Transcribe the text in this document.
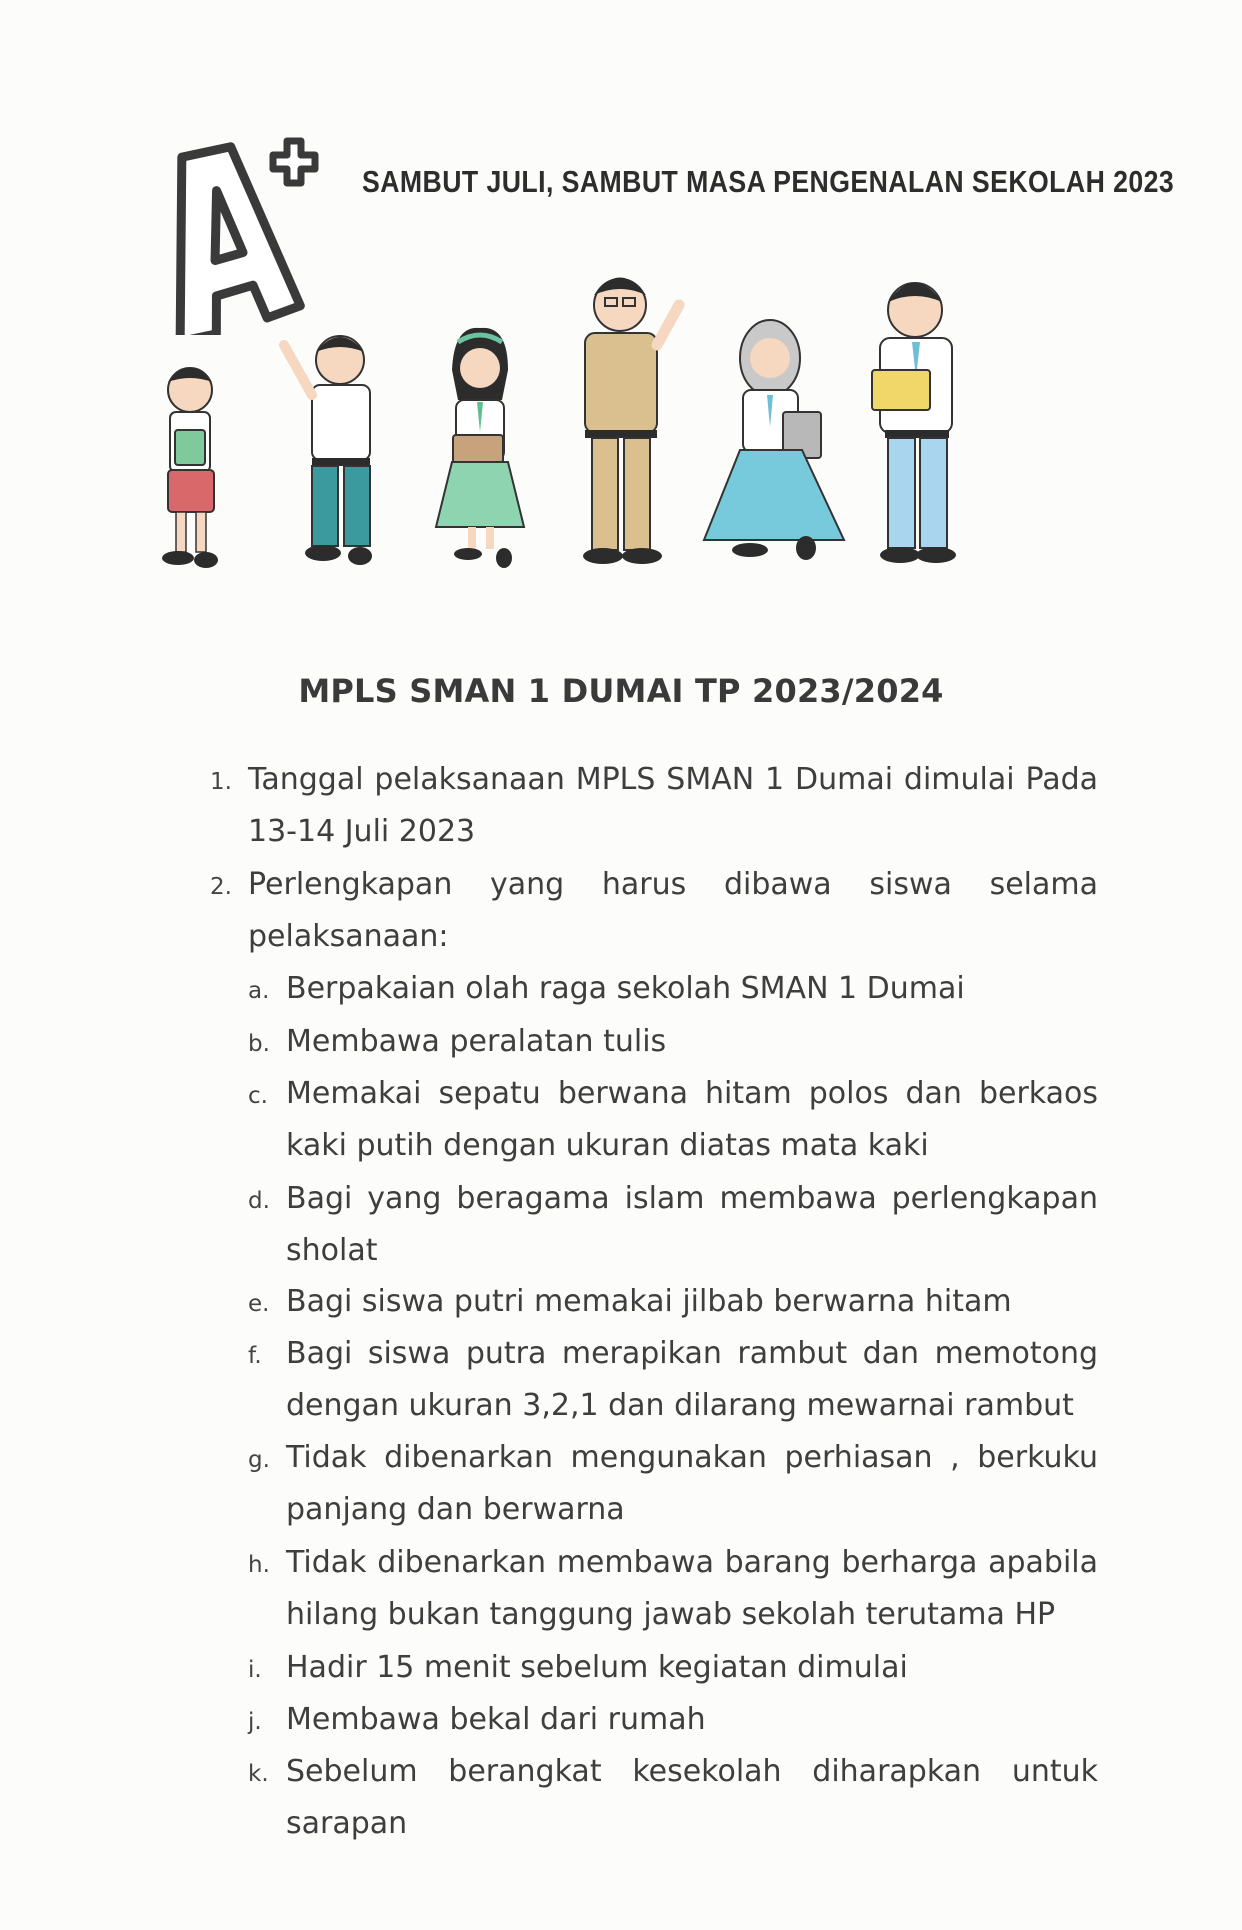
SAMBUT JULI, SAMBUT MASA PENGENALAN SEKOLAH 2023
MPLS SMAN 1 DUMAI TP 2023/2024
1. Tanggal pelaksanaan MPLS SMAN 1 Dumai dimulai Pada
13-14 Juli 2023
2. Perlengkapan yang harus dibawa siswa selama
pelaksanaan:
a. Berpakaian olah raga sekolah SMAN 1 Dumai
b. Membawa peralatan tulis
c. Memakai sepatu berwana hitam polos dan berkaos
kaki putih dengan ukuran diatas mata kaki
d. Bagi yang beragama islam membawa perlengkapan
sholat
e. Bagi siswa putri memakai jilbab berwarna hitam
f. Bagi siswa putra merapikan rambut dan memotong
dengan ukuran 3,2,1 dan dilarang mewarnai rambut
g. Tidak dibenarkan mengunakan perhiasan , berkuku
panjang dan berwarna
h. Tidak dibenarkan membawa barang berharga apabila
hilang bukan tanggung jawab sekolah terutama HP
i. Hadir 15 menit sebelum kegiatan dimulai
j. Membawa bekal dari rumah
k. Sebelum berangkat kesekolah diharapkan untuk
sarapan
